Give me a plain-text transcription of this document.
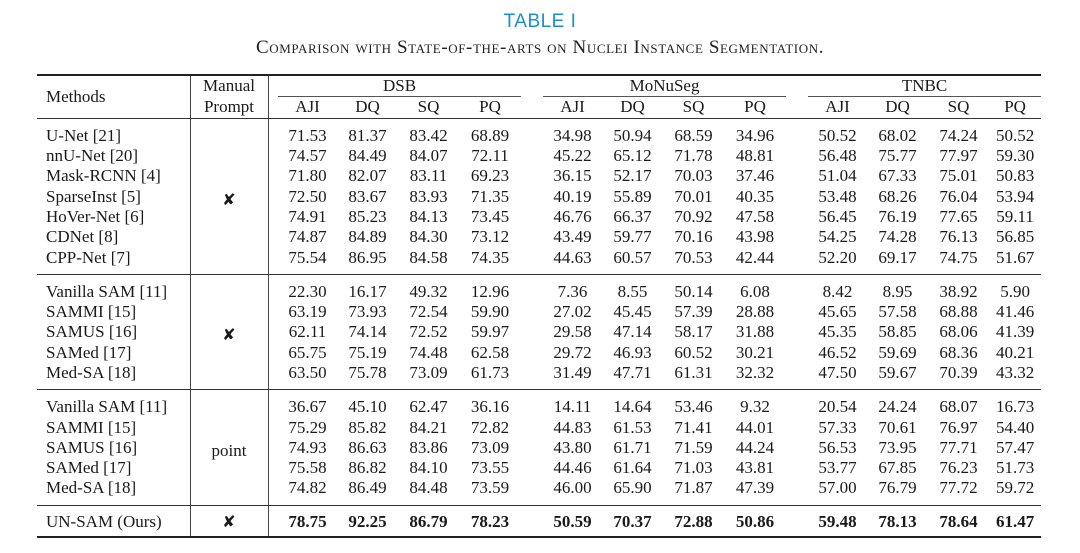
TABLE I
Comparison with State-of-the-arts on Nuclei Instance Segmentation.
Methods	Manual		DSB					MoNuSeg					TNBC			
	Prompt		AJI	DQ	SQ	PQ		AJI	DQ	SQ	PQ		AJI	DQ	SQ	PQ
U-Net [21]	✘		71.53	81.37	83.42	68.89		34.98	50.94	68.59	34.96		50.52	68.02	74.24	50.52
nnU-Net [20]			74.57	84.49	84.07	72.11		45.22	65.12	71.78	48.81		56.48	75.77	77.97	59.30
Mask-RCNN [4]			71.80	82.07	83.11	69.23		36.15	52.17	70.03	37.46		51.04	67.33	75.01	50.83
SparseInst [5]			72.50	83.67	83.93	71.35		40.19	55.89	70.01	40.35		53.48	68.26	76.04	53.94
HoVer-Net [6]			74.91	85.23	84.13	73.45		46.76	66.37	70.92	47.58		56.45	76.19	77.65	59.11
CDNet [8]			74.87	84.89	84.30	73.12		43.49	59.77	70.16	43.98		54.25	74.28	76.13	56.85
CPP-Net [7]			75.54	86.95	84.58	74.35		44.63	60.57	70.53	42.44		52.20	69.17	74.75	51.67
Vanilla SAM [11]	✘		22.30	16.17	49.32	12.96		7.36	8.55	50.14	6.08		8.42	8.95	38.92	5.90
SAMMI [15]			63.19	73.93	72.54	59.90		27.02	45.45	57.39	28.88		45.65	57.58	68.88	41.46
SAMUS [16]			62.11	74.14	72.52	59.97		29.58	47.14	58.17	31.88		45.35	58.85	68.06	41.39
SAMed [17]			65.75	75.19	74.48	62.58		29.72	46.93	60.52	30.21		46.52	59.69	68.36	40.21
Med-SA [18]			63.50	75.78	73.09	61.73		31.49	47.71	61.31	32.32		47.50	59.67	70.39	43.32
Vanilla SAM [11]	point		36.67	45.10	62.47	36.16		14.11	14.64	53.46	9.32		20.54	24.24	68.07	16.73
SAMMI [15]			75.29	85.82	84.21	72.82		44.83	61.53	71.41	44.01		57.33	70.61	76.97	54.40
SAMUS [16]			74.93	86.63	83.86	73.09		43.80	61.71	71.59	44.24		56.53	73.95	77.71	57.47
SAMed [17]			75.58	86.82	84.10	73.55		44.46	61.64	71.03	43.81		53.77	67.85	76.23	51.73
Med-SA [18]			74.82	86.49	84.48	73.59		46.00	65.90	71.87	47.39		57.00	76.79	77.72	59.72
UN-SAM (Ours)	✘		78.75	92.25	86.79	78.23		50.59	70.37	72.88	50.86		59.48	78.13	78.64	61.47
